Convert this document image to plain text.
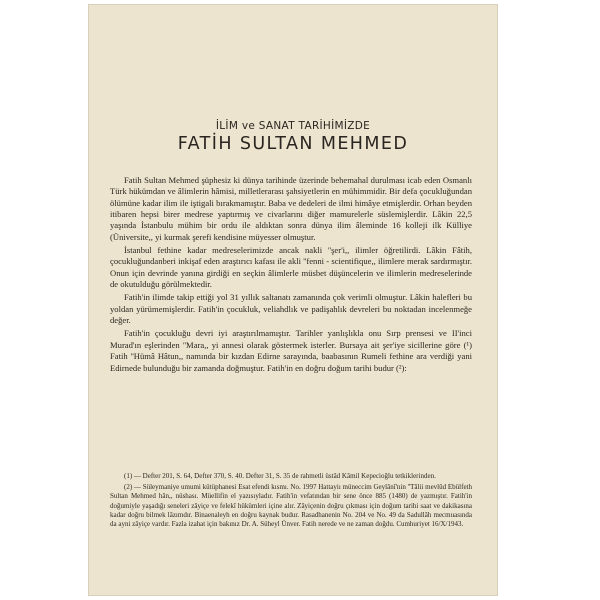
İLİM ve SANAT TARİHİMİZDE
FATİH SULTAN MEHMED

Fatih Sultan Mehmed şüphesiz ki dünya tarihinde üzerinde behemahal durulması icab eden Osmanlı Türk hükümdan ve âlimlerin hâmisi, milletlerarası şahsiyetlerin en mühimmidir. Bir defa çocukluğundan ölümüne kadar ilim ile iştigali bırakmamıştır. Baba ve dedeleri de ilmi himâye etmişlerdir. Orhan beyden itibaren hepsi birer medrese yaptırmış ve civarlarını diğer mamurelerle süslemişlerdir. Lâkin 22,5 yaşında İstanbulu mühim bir ordu ile aldıktan sonra dünya ilim âleminde 16 kolleji ilk Külliye (Üniversite,, yi kurmak şerefi kendisine müyesser olmuştur.

İstanbul fethine kadar medreselerimizde ancak nakli ''şer'i,, ilimler öğretilirdi. Lâkin Fâtih, çocukluğundanberi inkişaf eden araştırıcı kafası ile akli ''fenni - scientifique,, ilimlere merak sardırmıştır. Onun için devrinde yanına girdiği en seçkin âlimlerle müsbet düşüncelerin ve ilimlerin medreselerinde de okutulduğu görülmektedir.

Fatih'in ilimde takip ettiği yol 31 yıllık saltanatı zamanında çok verimli olmuştur. Lâkin halefleri bu yoldan yürümemişlerdir. Fatih'in çocukluk, veliahdlık ve padişahlık devreleri bu noktadan incelenmeğe değer.

Fatih'in çocukluğu devri iyi araştırılmamıştır. Tarihler yanlışlıkla onu Sırp prensesi ve II'inci Murad'ın eşlerinden ''Mara,, yi annesi olarak göstermek isterler. Bursaya ait şer'iye sicillerine göre (¹) Fatih ''Hümâ Hâtun,, namında bir kızdan Edirne sarayında, baabasının Rumeli fethine ara verdiği yani Edirnede bulunduğu bir zamanda doğmuştur. Fatih'in en doğru doğum tarihi budur (²):

(1) — Defter 201, S. 64, Defter 370, S. 40. Defter 31, S. 35 de rahmetli üstâd Kâmil Kepecioğlu tetkiklerinden.

(2) — Süleymaniye umumi kütüphanesi Esat efendi kısmı. No. 1997 Hattayiı müneccim Geylânî'nin ''Tâlii mevlûd Ebülfeth Sultan Mehmed hân,, nüshası. Müellifin el yazısıyladır. Fatih'in vefatından bir sene önce 885 (1480) de yazmıştır. Fatih'in doğumiyle yaşadığı seneleri zâyiçe ve felekî hükümleri içine alır. Zâyiçenin doğru çıkması için doğum tarihi saat ve dakikasına kadar doğru bilmek lâzımdır. Binaenaleyh en doğru kaynak budur. Rasadhanenin No. 204 ve No. 49 da Sadullâh mecmuasında da ayni zâyiçe vardır. Fazla izahat için bakınız Dr. A. Süheyl Ünver. Fatih nerede ve ne zaman doğdu. Cumhuriyet 16/X/1943.
